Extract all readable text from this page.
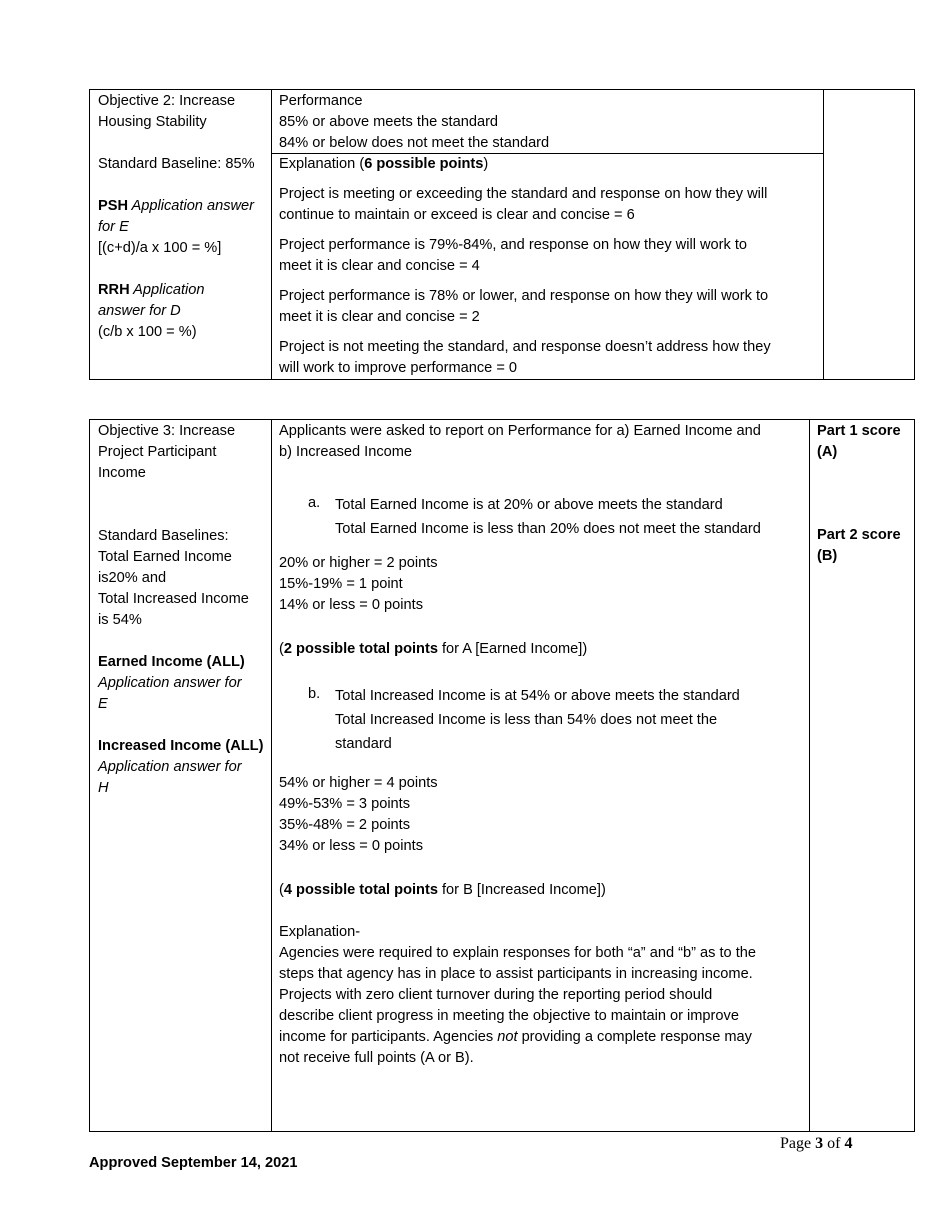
Objective 2: Increase
Housing Stability
Standard Baseline: 85%
PSH Application answer
for E
[(c+d)/a x 100 = %]
RRH Application
answer for D
(c/b x 100 = %)
Performance
85% or above meets the standard
84% or below does not meet the standard
Explanation (6 possible points)
Project is meeting or exceeding the standard and response on how they will
continue to maintain or exceed is clear and concise = 6
Project performance is 79%-84%, and response on how they will work to
meet it is clear and concise = 4
Project performance is 78% or lower, and response on how they will work to
meet it is clear and concise = 2
Project is not meeting the standard, and response doesn’t address how they
will work to improve performance = 0
Objective 3: Increase
Project Participant
Income
Standard Baselines:
Total Earned Income
is20% and
Total Increased Income
is 54%
Earned Income (ALL)
Application answer for
E
Increased Income (ALL)
Application answer for
H
Applicants were asked to report on Performance for a) Earned Income and
b) Increased Income
a. Total Earned Income is at 20% or above meets the standard
Total Earned Income is less than 20% does not meet the standard
20% or higher = 2 points
15%-19% = 1 point
14% or less = 0 points
(2 possible total points for A [Earned Income])
b. Total Increased Income is at 54% or above meets the standard
Total Increased Income is less than 54% does not meet the
standard
54% or higher = 4 points
49%-53% = 3 points
35%-48% = 2 points
34% or less = 0 points
(4 possible total points for B [Increased Income])
Explanation-
Agencies were required to explain responses for both “a” and “b” as to the
steps that agency has in place to assist participants in increasing income.
Projects with zero client turnover during the reporting period should
describe client progress in meeting the objective to maintain or improve
income for participants. Agencies not providing a complete response may
not receive full points (A or B).
Part 1 score
(A)
Part 2 score
(B)
Page 3 of 4
Approved September 14, 2021
